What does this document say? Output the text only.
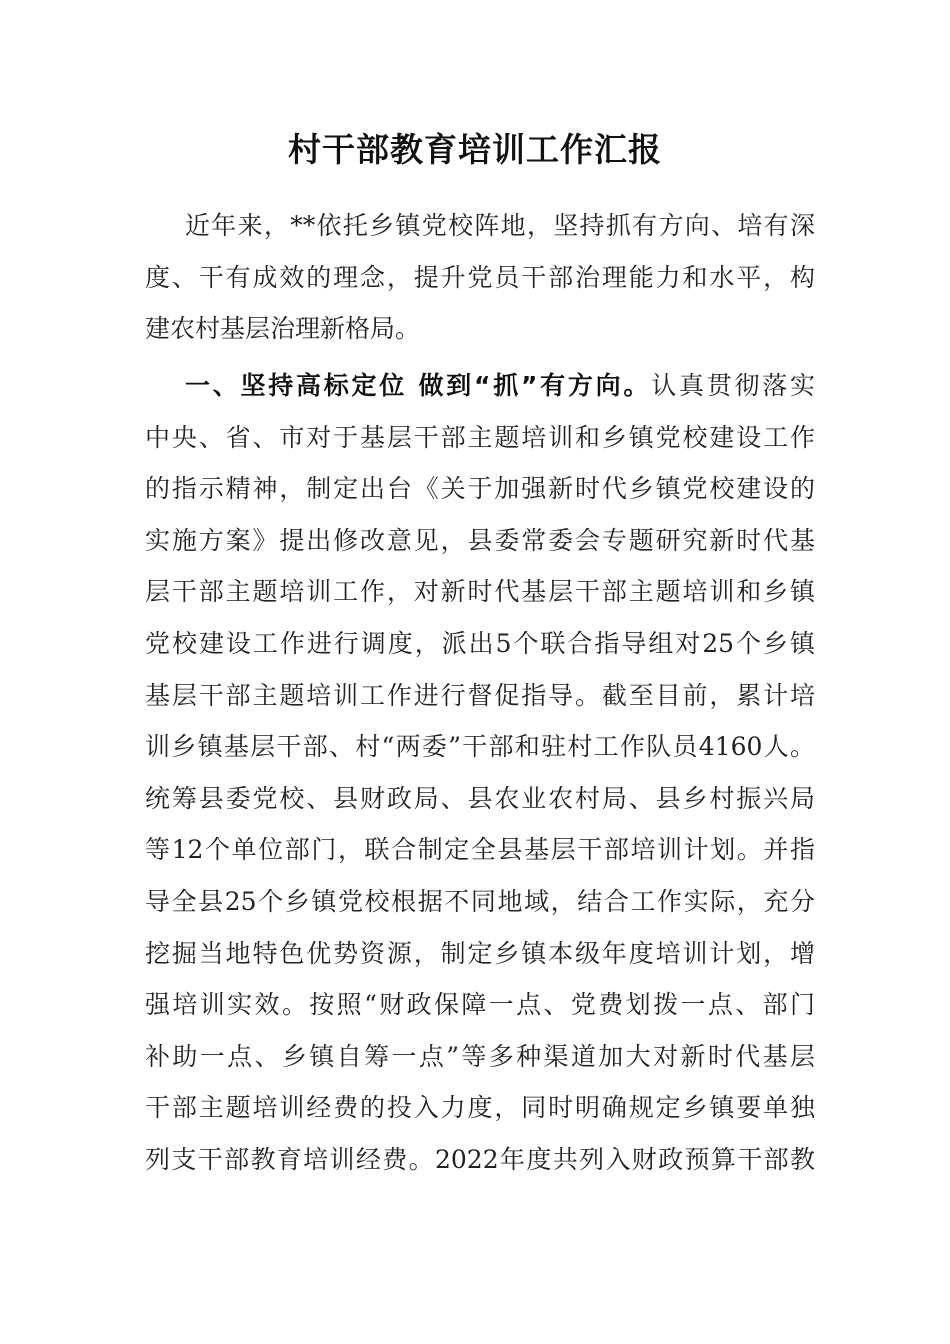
村干部教育培训工作汇报
近年来，**依托乡镇党校阵地，坚持抓有方向、培有深
度、干有成效的理念，提升党员干部治理能力和水平，构
建农村基层治理新格局。
一、坚持高标定位 做到“抓”有方向。认真贯彻落实
中央、省、市对于基层干部主题培训和乡镇党校建设工作
的指示精神，制定出台《关于加强新时代乡镇党校建设的
实施方案》提出修改意见，县委常委会专题研究新时代基
层干部主题培训工作，对新时代基层干部主题培训和乡镇
党校建设工作进行调度，派出5个联合指导组对25个乡镇
基层干部主题培训工作进行督促指导。截至目前，累计培
训乡镇基层干部、村“两委”干部和驻村工作队员4160人。
统筹县委党校、县财政局、县农业农村局、县乡村振兴局
等12个单位部门，联合制定全县基层干部培训计划。并指
导全县25个乡镇党校根据不同地域，结合工作实际，充分
挖掘当地特色优势资源，制定乡镇本级年度培训计划，增
强培训实效。按照“财政保障一点、党费划拨一点、部门
补助一点、乡镇自筹一点”等多种渠道加大对新时代基层
干部主题培训经费的投入力度，同时明确规定乡镇要单独
列支干部教育培训经费。2022年度共列入财政预算干部教
